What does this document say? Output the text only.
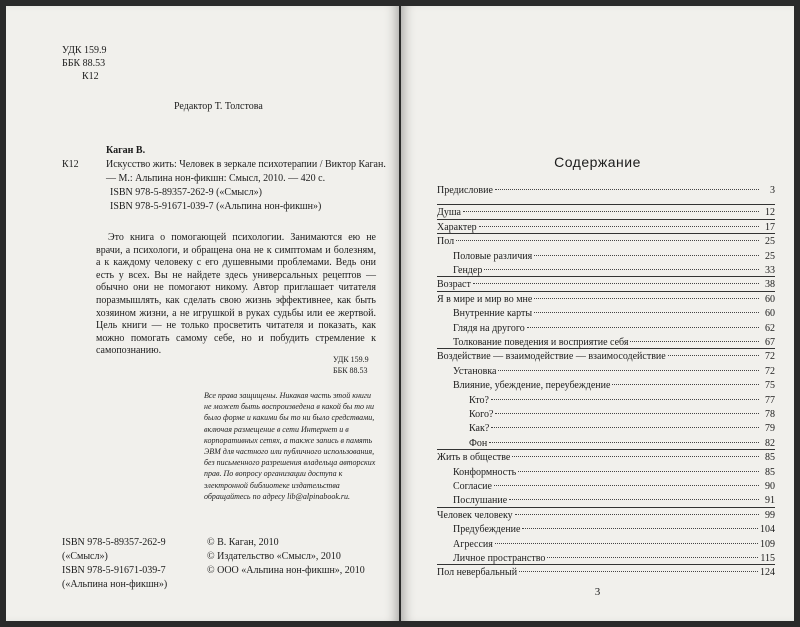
УДК 159.9
ББК 88.53
К12
Редактор Т. Толстова
К12
Каган В.
Искусство жить: Человек в зеркале психотерапии / Виктор Каган. — М.: Альпина нон-фикшн: Смысл, 2010. — 420 с.
ISBN 978-5-89357-262-9 («Смысл»)
ISBN 978-5-91671-039-7 («Альпина нон-фикшн»)
Это книга о помогающей психологии. Занимаются ею не врачи, а психологи, и обращена она не к симптомам и болезням, а к каждому человеку с его душевными проблемами. Ведь они есть у всех. Вы не найдете здесь универсальных рецептов — обычно они не помогают никому. Автор приглашает читателя поразмышлять, как сделать свою жизнь эффективнее, как быть хозяином жизни, а не игрушкой в руках судьбы или ее жертвой. Цель книги — не только просветить читателя и показать, как можно помогать самому себе, но и побудить стремление к самопознанию.
УДК 159.9
ББК 88.53
Все права защищены. Никакая часть этой книги не может быть воспроизведена в какой бы то ни было форме и какими бы то ни было средствами, включая размещение в сети Интернет и в корпоративных сетях, а также запись в память ЭВМ для частного или публичного использования, без письменного разрешения владельца авторских прав. По вопросу организации доступа к электронной библиотеке издательства обращайтесь по адресу lib@alpinabook.ru.
ISBN 978-5-89357-262-9
(«Смысл»)
ISBN 978-5-91671-039-7
(«Альпина нон-фикшн»)
© В. Каган, 2010
© Издательство «Смысл», 2010
© ООО «Альпина нон-фикшн», 2010
Содержание
Предисловие	3
Душа	12
Характер	17
Пол	25
Половые различия	25
Гендер	33
Возраст	38
Я в мире и мир во мне	60
Внутренние карты	60
Глядя на другого	62
Толкование поведения и восприятие себя	67
Воздействие — взаимодействие — взаимосодействие	72
Установка	72
Влияние, убеждение, переубеждение	75
Кто?	77
Кого?	78
Как?	79
Фон	82
Жить в обществе	85
Конформность	85
Согласие	90
Послушание	91
Человек человеку	99
Предубеждение	104
Агрессия	109
Личное пространство	115
Пол невербальный	124
3
